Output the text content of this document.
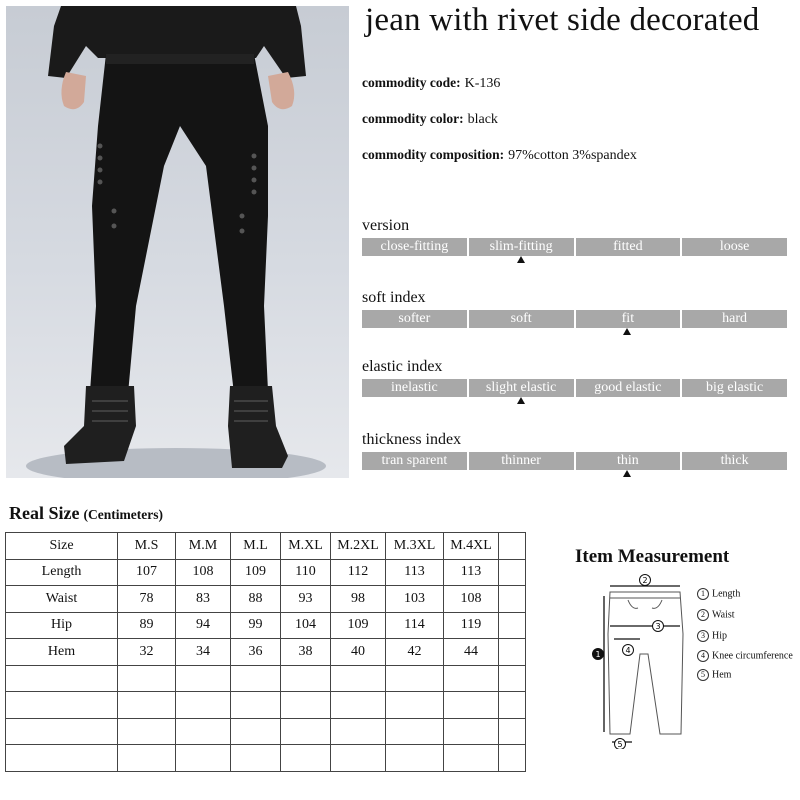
jean with rivet side decorated
commodity code: K-136
commodity color: black
commodity composition: 97%cotton 3%spandex
version
close-fitting	slim-fitting	fitted	loose
soft index
softer	soft	fit	hard
elastic index
inelastic	slight elastic	good elastic	big elastic
thickness index
tran sparent	thinner	thin	thick
Real Size (Centimeters)
Size	M.S	M.M	M.L	M.XL	M.2XL	M.3XL	M.4XL	
Length	107	108	109	110	112	113	113	
Waist	78	83	88	93	98	103	108	
Hip	89	94	99	104	109	114	119	
Hem	32	34	36	38	40	42	44	

Item Measurement
2
3
4
1
5
1 Length
2 Waist
3 Hip
4 Knee circumference
5 Hem
